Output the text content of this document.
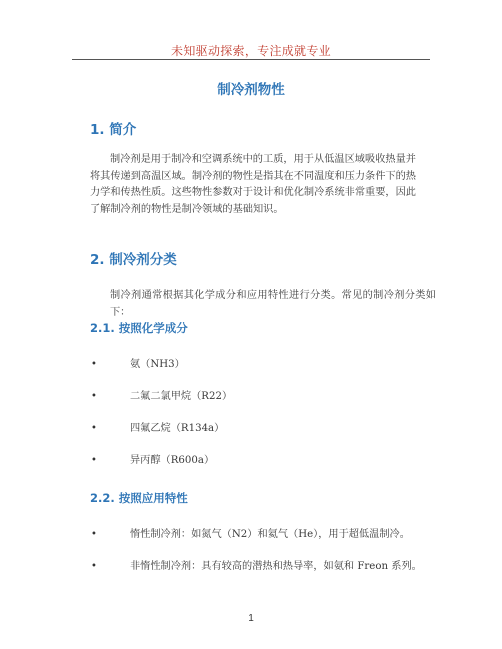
未知驱动探索，专注成就专业
制冷剂物性
1. 简介
制冷剂是用于制冷和空调系统中的工质，用于从低温区域吸收热量并将其传递到高温区域。制冷剂的物性是指其在不同温度和压力条件下的热力学和传热性质。这些物性参数对于设计和优化制冷系统非常重要，因此了解制冷剂的物性是制冷领域的基础知识。
2. 制冷剂分类
制冷剂通常根据其化学成分和应用特性进行分类。常见的制冷剂分类如下：
2.1. 按照化学成分
•	氨（NH3）
•	二氟二氯甲烷（R22）
•	四氟乙烷（R134a）
•	异丙醇（R600a）
2.2. 按照应用特性
•	惰性制冷剂：如氮气（N2）和氦气（He），用于超低温制冷。
•	非惰性制冷剂：具有较高的潜热和热导率，如氨和 Freon 系列。
1
